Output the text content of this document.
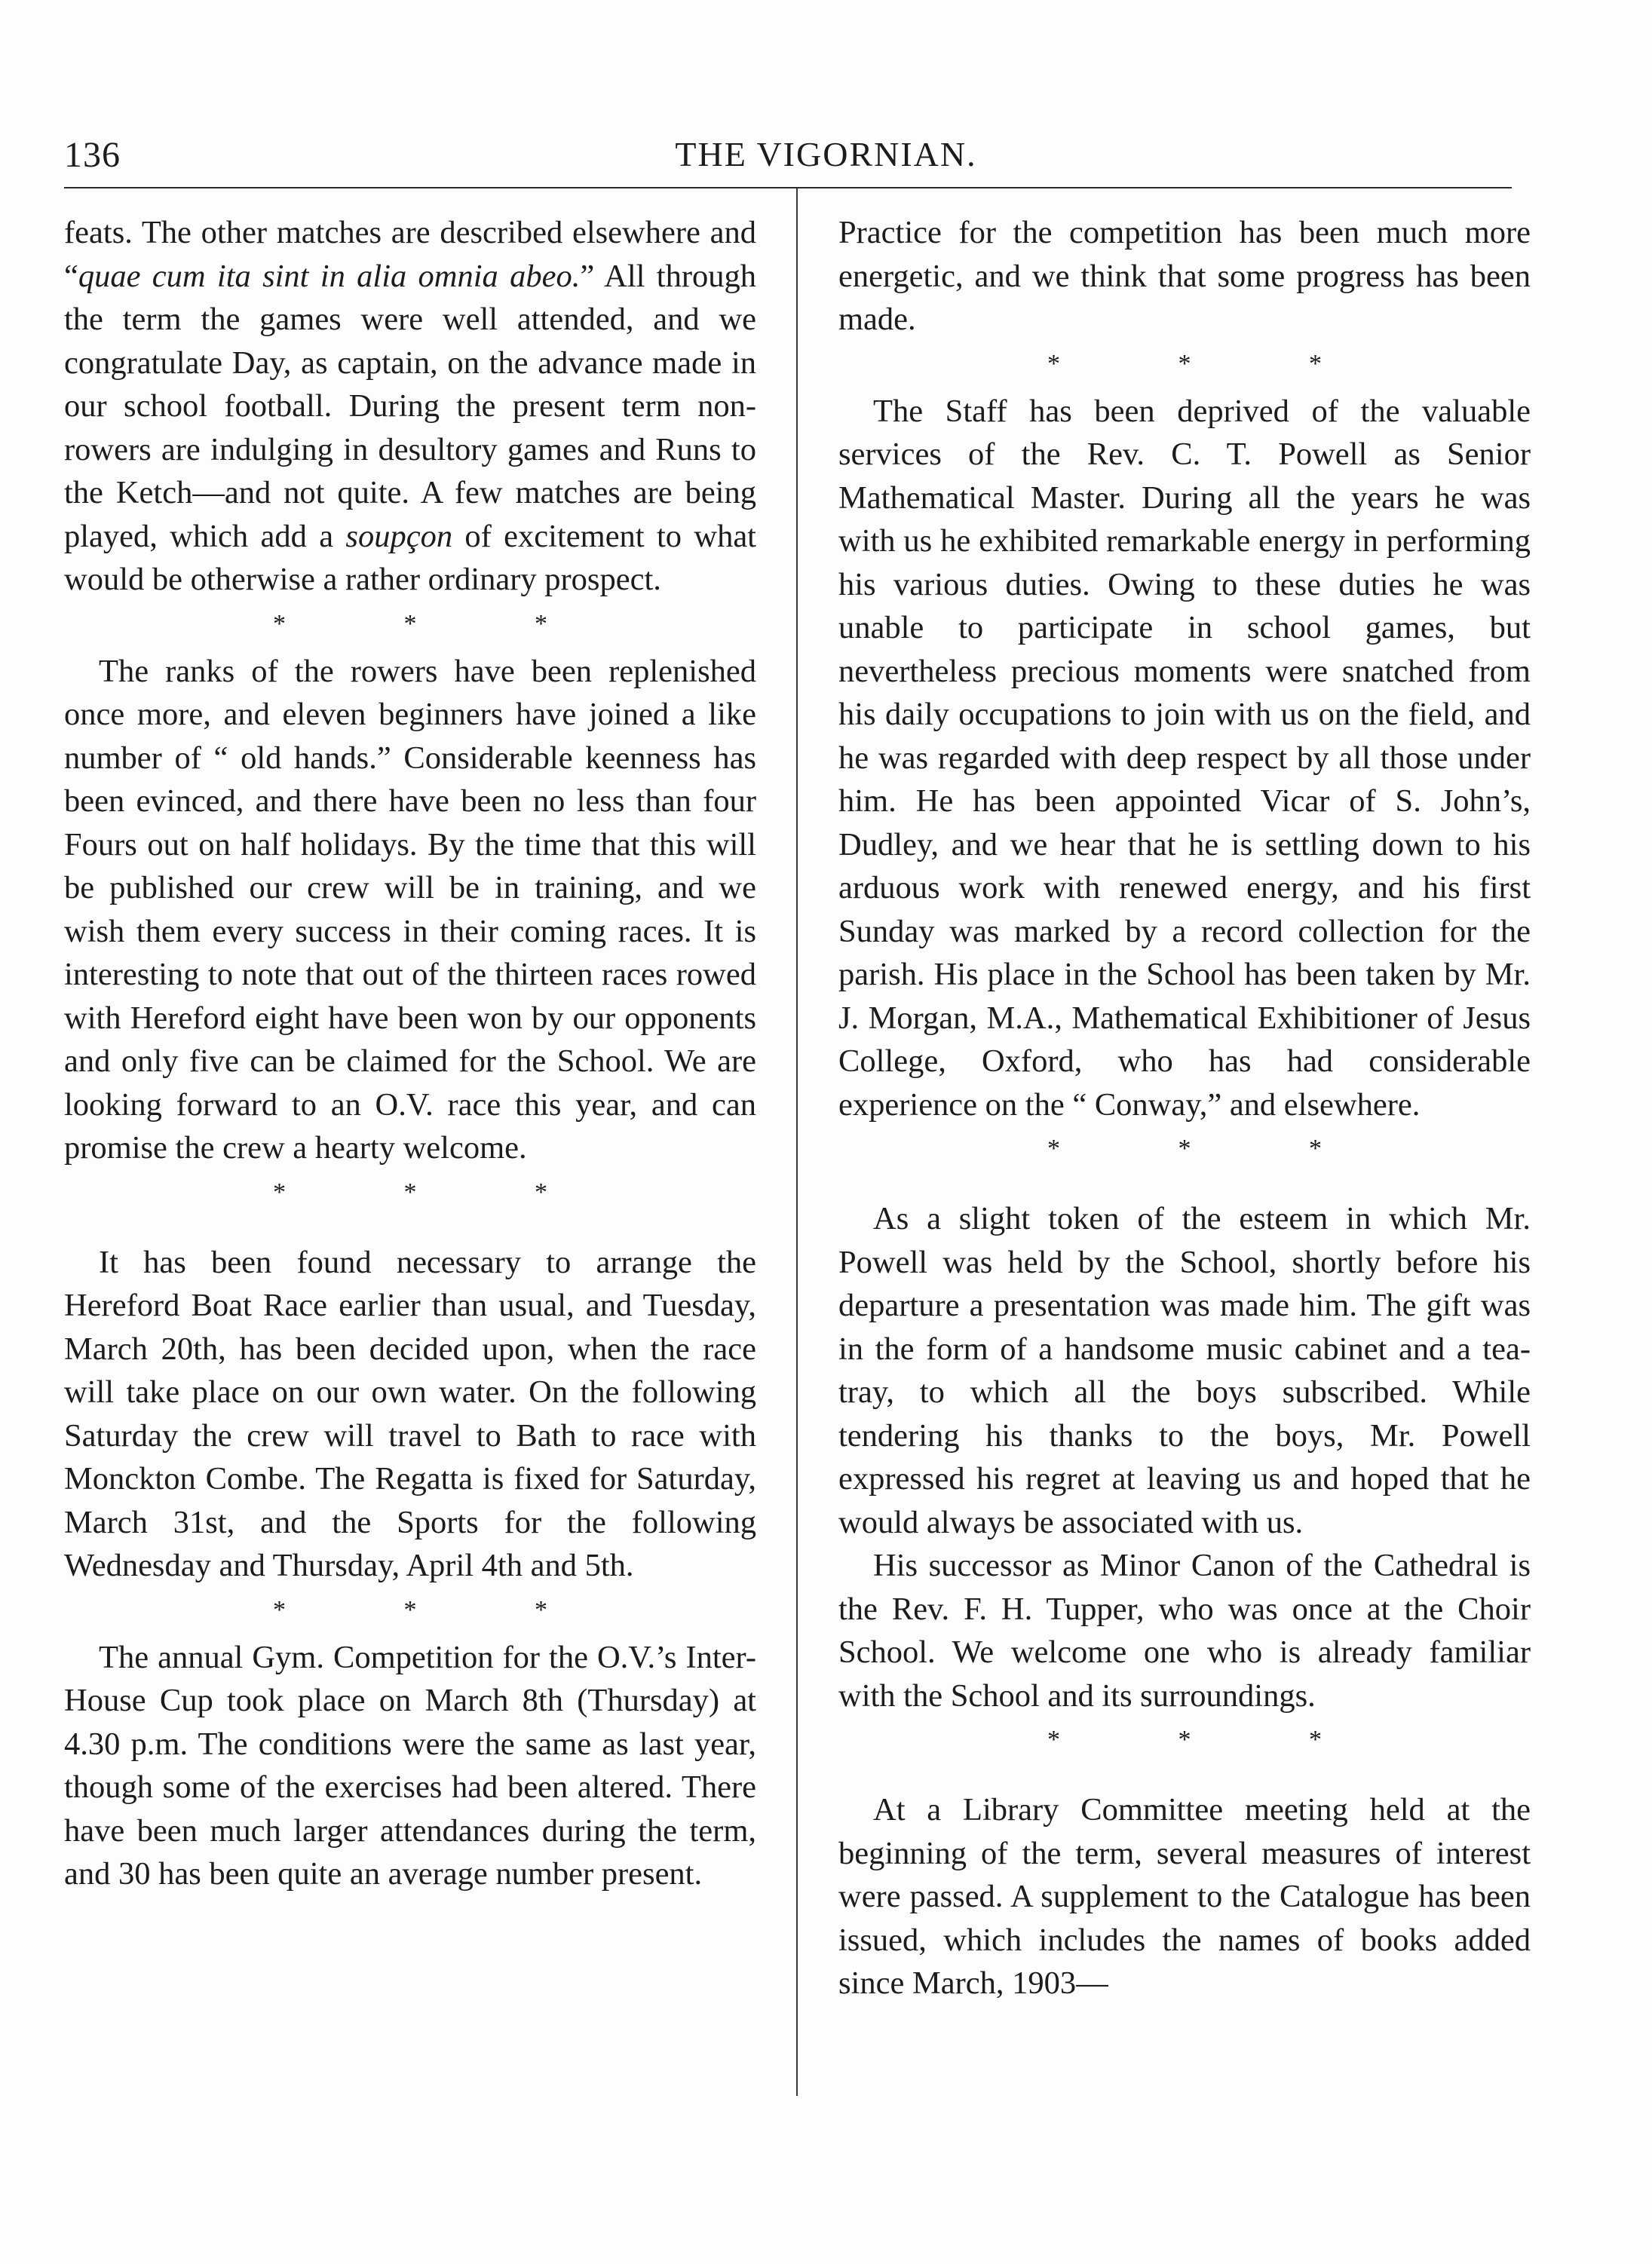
136	THE VIGORNIAN.

feats. The other matches are described elsewhere and “quae cum ita sint in alia omnia abeo.” All through the term the games were well attended, and we congratulate Day, as captain, on the advance made in our school football. During the present term non-rowers are indulging in desultory games and Runs to the Ketch—and not quite. A few matches are being played, which add a soupçon of excitement to what would be otherwise a rather ordinary prospect.

* * *

The ranks of the rowers have been replenished once more, and eleven beginners have joined a like number of “ old hands.” Considerable keenness has been evinced, and there have been no less than four Fours out on half holidays. By the time that this will be published our crew will be in training, and we wish them every success in their coming races. It is interesting to note that out of the thirteen races rowed with Hereford eight have been won by our opponents and only five can be claimed for the School. We are looking forward to an O.V. race this year, and can promise the crew a hearty welcome.

* * *

It has been found necessary to arrange the Hereford Boat Race earlier than usual, and Tuesday, March 20th, has been decided upon, when the race will take place on our own water. On the following Saturday the crew will travel to Bath to race with Monckton Combe. The Regatta is fixed for Saturday, March 31st, and the Sports for the following Wednesday and Thursday, April 4th and 5th.

* * *

The annual Gym. Competition for the O.V.’s Inter-House Cup took place on March 8th (Thursday) at 4.30 p.m. The conditions were the same as last year, though some of the exercises had been altered. There have been much larger attendances during the term, and 30 has been quite an average number present.

Practice for the competition has been much more energetic, and we think that some progress has been made.

* * *

The Staff has been deprived of the valuable services of the Rev. C. T. Powell as Senior Mathematical Master. During all the years he was with us he exhibited remarkable energy in performing his various duties. Owing to these duties he was unable to participate in school games, but nevertheless precious moments were snatched from his daily occupations to join with us on the field, and he was regarded with deep respect by all those under him. He has been appointed Vicar of S. John’s, Dudley, and we hear that he is settling down to his arduous work with renewed energy, and his first Sunday was marked by a record collection for the parish. His place in the School has been taken by Mr. J. Morgan, M.A., Mathematical Exhibitioner of Jesus College, Oxford, who has had considerable experience on the “ Conway,” and elsewhere.

* * *

As a slight token of the esteem in which Mr. Powell was held by the School, shortly before his departure a presentation was made him. The gift was in the form of a handsome music cabinet and a tea-tray, to which all the boys subscribed. While tendering his thanks to the boys, Mr. Powell expressed his regret at leaving us and hoped that he would always be associated with us.

His successor as Minor Canon of the Cathedral is the Rev. F. H. Tupper, who was once at the Choir School. We welcome one who is already familiar with the School and its surroundings.

* * *

At a Library Committee meeting held at the beginning of the term, several measures of interest were passed. A supplement to the Catalogue has been issued, which includes the names of books added since March, 1903—
